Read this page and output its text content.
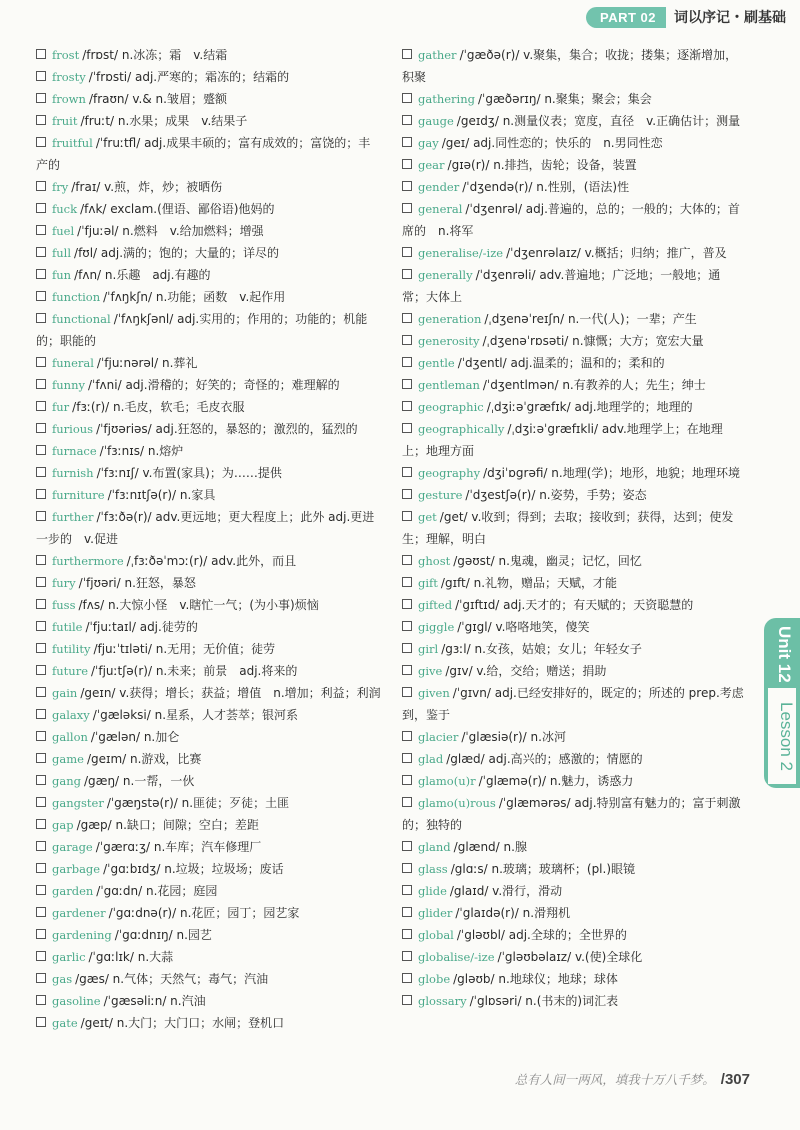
PART 02	词以序记・刷基础
frost /frɒst/ n.冰冻；霜　v.结霜
frosty /ˈfrɒsti/ adj.严寒的；霜冻的；结霜的
frown /fraʊn/ v.& n.皱眉；蹙额
fruit /fruːt/ n.水果；成果　v.结果子
fruitful /ˈfruːtfl/ adj.成果丰硕的；富有成效的；富饶的；丰产的
fry /fraɪ/ v.煎，炸，炒；被晒伤
fuck /fʌk/ exclam.(俚语、鄙俗语)他妈的
fuel /ˈfjuːəl/ n.燃料　v.给加燃料；增强
full /fʊl/ adj.满的；饱的；大量的；详尽的
fun /fʌn/ n.乐趣　adj.有趣的
function /ˈfʌŋkʃn/ n.功能；函数　v.起作用
functional /ˈfʌŋkʃənl/ adj.实用的；作用的；功能的；机能的；职能的
funeral /ˈfjuːnərəl/ n.葬礼
funny /ˈfʌni/ adj.滑稽的；好笑的；奇怪的；难理解的
fur /fɜː(r)/ n.毛皮，软毛；毛皮衣服
furious /ˈfjʊəriəs/ adj.狂怒的，暴怒的；激烈的，猛烈的
furnace /ˈfɜːnɪs/ n.熔炉
furnish /ˈfɜːnɪʃ/ v.布置(家具)；为……提供
furniture /ˈfɜːnɪtʃə(r)/ n.家具
further /ˈfɜːðə(r)/ adv.更远地；更大程度上；此外 adj.更进一步的　v.促进
furthermore /ˌfɜːðəˈmɔː(r)/ adv.此外，而且
fury /ˈfjʊəri/ n.狂怒，暴怒
fuss /fʌs/ n.大惊小怪　v.瞎忙一气；(为小事)烦恼
futile /ˈfjuːtaɪl/ adj.徒劳的
futility /fjuːˈtɪləti/ n.无用；无价值；徒劳
future /ˈfjuːtʃə(r)/ n.未来；前景　adj.将来的
gain /geɪn/ v.获得；增长；获益；增值　n.增加；利益；利润
galaxy /ˈgæləksi/ n.星系，人才荟萃；银河系
gallon /ˈgælən/ n.加仑
game /geɪm/ n.游戏，比赛
gang /gæŋ/ n.一帮，一伙
gangster /ˈgæŋstə(r)/ n.匪徒；歹徒；土匪
gap /gæp/ n.缺口；间隙；空白；差距
garage /ˈgærɑːʒ/ n.车库；汽车修理厂
garbage /ˈgɑːbɪdʒ/ n.垃圾；垃圾场；废话
garden /ˈgɑːdn/ n.花园；庭园
gardener /ˈgɑːdnə(r)/ n.花匠；园丁；园艺家
gardening /ˈgɑːdnɪŋ/ n.园艺
garlic /ˈgɑːlɪk/ n.大蒜
gas /gæs/ n.气体；天然气；毒气；汽油
gasoline /ˈgæsəliːn/ n.汽油
gate /geɪt/ n.大门；大门口；水闸；登机口
gather /ˈgæðə(r)/ v.聚集，集合；收拢；搂集；逐渐增加，积聚
gathering /ˈgæðərɪŋ/ n.聚集；聚会；集会
gauge /geɪdʒ/ n.测量仪表；宽度，直径　v.正确估计；测量
gay /geɪ/ adj.同性恋的；快乐的　n.男同性恋
gear /gɪə(r)/ n.排挡，齿轮；设备，装置
gender /ˈdʒendə(r)/ n.性别，(语法)性
general /ˈdʒenrəl/ adj.普遍的，总的；一般的；大体的；首席的　n.将军
generalise/-ize /ˈdʒenrəlaɪz/ v.概括；归纳；推广，普及
generally /ˈdʒenrəli/ adv.普遍地；广泛地；一般地；通常；大体上
generation /ˌdʒenəˈreɪʃn/ n.一代(人)；一辈；产生
generosity /ˌdʒenəˈrɒsəti/ n.慷慨；大方；宽宏大量
gentle /ˈdʒentl/ adj.温柔的；温和的；柔和的
gentleman /ˈdʒentlmən/ n.有教养的人；先生；绅士
geographic /ˌdʒiːəˈgræfɪk/ adj.地理学的；地理的
geographically /ˌdʒiːəˈgræfɪkli/ adv.地理学上；在地理上；地理方面
geography /dʒiˈɒgrəfi/ n.地理(学)；地形，地貌；地理环境
gesture /ˈdʒestʃə(r)/ n.姿势，手势；姿态
get /get/ v.收到；得到；去取；接收到；获得，达到；使发生；理解，明白
ghost /gəʊst/ n.鬼魂，幽灵；记忆，回忆
gift /gɪft/ n.礼物，赠品；天赋，才能
gifted /ˈgɪftɪd/ adj.天才的；有天赋的；天资聪慧的
giggle /ˈgɪgl/ v.咯咯地笑，傻笑
girl /gɜːl/ n.女孩，姑娘；女儿；年轻女子
give /gɪv/ v.给，交给；赠送；捐助
given /ˈgɪvn/ adj.已经安排好的，既定的；所述的 prep.考虑到，鉴于
glacier /ˈglæsiə(r)/ n.冰河
glad /glæd/ adj.高兴的；感激的；情愿的
glamo(u)r /ˈglæmə(r)/ n.魅力，诱惑力
glamo(u)rous /ˈglæmərəs/ adj.特别富有魅力的；富于刺激的；独特的
gland /glænd/ n.腺
glass /glɑːs/ n.玻璃；玻璃杯；(pl.)眼镜
glide /glaɪd/ v.滑行，滑动
glider /ˈglaɪdə(r)/ n.滑翔机
global /ˈgləʊbl/ adj.全球的；全世界的
globalise/-ize /ˈgləʊbəlaɪz/ v.(使)全球化
globe /gləʊb/ n.地球仪；地球；球体
glossary /ˈglɒsəri/ n.(书末的)词汇表
Unit 12
Lesson 2
总有人间一两风，填我十万八千梦。 /307
